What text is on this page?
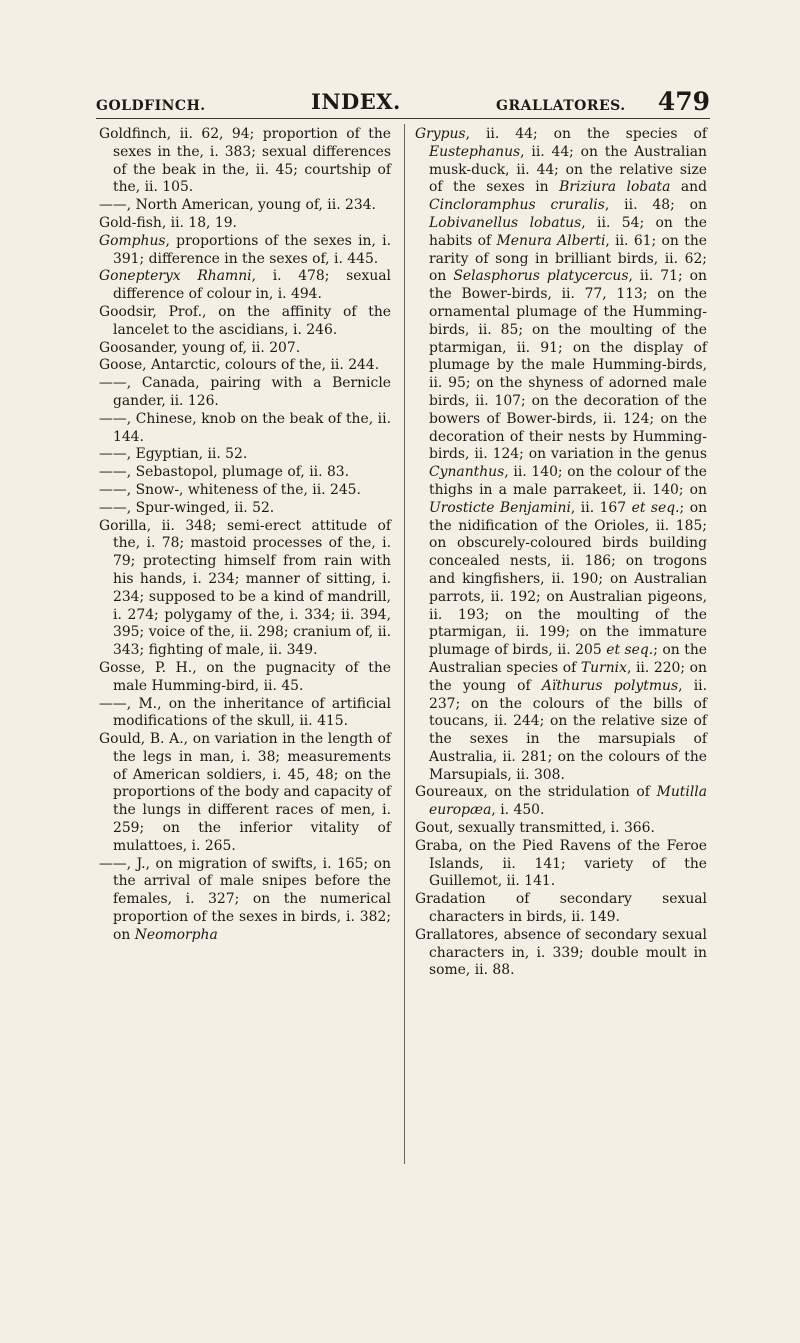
GOLDFINCH.	INDEX.	GRALLATORES. 479

Goldfinch, ii. 62, 94; proportion of the sexes in the, i. 383; sexual differences of the beak in the, ii. 45; courtship of the, ii. 105.

——, North American, young of, ii. 234.

Gold-fish, ii. 18, 19.

Gomphus, proportions of the sexes in, i. 391; difference in the sexes of, i. 445.

Gonepteryx Rhamni, i. 478; sexual difference of colour in, i. 494.

Goodsir, Prof., on the affinity of the lancelet to the ascidians, i. 246.

Goosander, young of, ii. 207.

Goose, Antarctic, colours of the, ii. 244.

——, Canada, pairing with a Bernicle gander, ii. 126.

——, Chinese, knob on the beak of the, ii. 144.

——, Egyptian, ii. 52.

——, Sebastopol, plumage of, ii. 83.

——, Snow-, whiteness of the, ii. 245.

——, Spur-winged, ii. 52.

Gorilla, ii. 348; semi-erect attitude of the, i. 78; mastoid processes of the, i. 79; protecting himself from rain with his hands, i. 234; manner of sitting, i. 234; supposed to be a kind of mandrill, i. 274; polygamy of the, i. 334; ii. 394, 395; voice of the, ii. 298; cranium of, ii. 343; fighting of male, ii. 349.

Gosse, P. H., on the pugnacity of the male Humming-bird, ii. 45.

——, M., on the inheritance of artificial modifications of the skull, ii. 415.

Gould, B. A., on variation in the length of the legs in man, i. 38; measurements of American soldiers, i. 45, 48; on the proportions of the body and capacity of the lungs in different races of men, i. 259; on the inferior vitality of mulattoes, i. 265.

——, J., on migration of swifts, i. 165; on the arrival of male snipes before the females, i. 327; on the numerical proportion of the sexes in birds, i. 382; on Neomorpha

Grypus, ii. 44; on the species of Eustephanus, ii. 44; on the Australian musk-duck, ii. 44; on the relative size of the sexes in Briziura lobata and Cincloramphus cruralis, ii. 48; on Lobivanellus lobatus, ii. 54; on the habits of Menura Alberti, ii. 61; on the rarity of song in brilliant birds, ii. 62; on Selasphorus platycercus, ii. 71; on the Bower-birds, ii. 77, 113; on the ornamental plumage of the Humming-birds, ii. 85; on the moulting of the ptarmigan, ii. 91; on the display of plumage by the male Humming-birds, ii. 95; on the shyness of adorned male birds, ii. 107; on the decoration of the bowers of Bower-birds, ii. 124; on the decoration of their nests by Humming-birds, ii. 124; on variation in the genus Cynanthus, ii. 140; on the colour of the thighs in a male parrakeet, ii. 140; on Urosticte Benjamini, ii. 167 et seq.; on the nidification of the Orioles, ii. 185; on obscurely-coloured birds building concealed nests, ii. 186; on trogons and kingfishers, ii. 190; on Australian parrots, ii. 192; on Australian pigeons, ii. 193; on the moulting of the ptarmigan, ii. 199; on the immature plumage of birds, ii. 205 et seq.; on the Australian species of Turnix, ii. 220; on the young of Aïthurus polytmus, ii. 237; on the colours of the bills of toucans, ii. 244; on the relative size of the sexes in the marsupials of Australia, ii. 281; on the colours of the Marsupials, ii. 308.

Goureaux, on the stridulation of Mutilla europæa, i. 450.

Gout, sexually transmitted, i. 366.

Graba, on the Pied Ravens of the Feroe Islands, ii. 141; variety of the Guillemot, ii. 141.

Gradation of secondary sexual characters in birds, ii. 149.

Grallatores, absence of secondary sexual characters in, i. 339; double moult in some, ii. 88.
